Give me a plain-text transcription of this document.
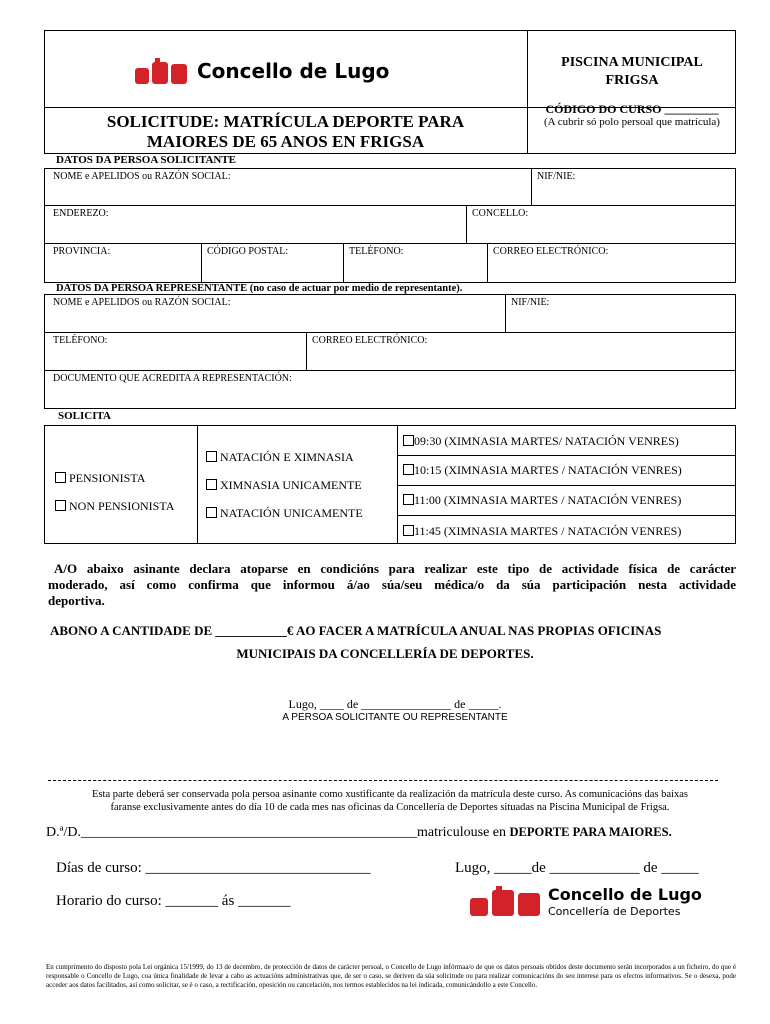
Concello de Lugo	PISCINA MUNICIPAL
FRIGSA
CÓDIGO DO CURSO _________
(A cubrir só polo persoal que matrícula)
SOLICITUDE: MATRÍCULA DEPORTE PARA
MAIORES DE 65 ANOS EN FRIGSA
DATOS DA PERSOA SOLICITANTE
NOME e APELIDOS ou RAZÓN SOCIAL:	NIF/NIE:
ENDEREZO:	CONCELLO:
PROVINCIA:	CÓDIGO POSTAL:	TELÉFONO:	CORREO ELECTRÓNICO:
DATOS DA PERSOA REPRESENTANTE (no caso de actuar por medio de representante).
NOME e APELIDOS ou RAZÓN SOCIAL:	NIF/NIE:
TELÉFONO:	CORREO ELECTRÓNICO:
DOCUMENTO QUE ACREDITA A REPRESENTACIÓN:
SOLICITA
PENSIONISTA
NON PENSIONISTA
NATACIÓN E XIMNASIA
XIMNASIA UNICAMENTE
NATACIÓN UNICAMENTE
09:30 (XIMNASIA MARTES/ NATACIÓN VENRES)
10:15 (XIMNASIA MARTES / NATACIÓN VENRES)
11:00 (XIMNASIA MARTES / NATACIÓN VENRES)
11:45 (XIMNASIA MARTES / NATACIÓN VENRES)
A/O abaixo asinante declara atoparse en condicións para realizar este tipo de actividade física de carácter
moderado, así como confirma que informou á/ao súa/seu médica/o da súa participación nesta actividade
deportiva.
ABONO A CANTIDADE DE ___________€ AO FACER A MATRÍCULA ANUAL NAS PROPIAS OFICINAS
MUNICIPAIS DA CONCELLERÍA DE DEPORTES.
Lugo, ____ de _______________ de _____.
A PERSOA SOLICITANTE OU REPRESENTANTE
Esta parte deberá ser conservada pola persoa asinante como xustificante da realización da matrícula deste curso. As comunicacións das baixas
faranse exclusivamente antes do día 10 de cada mes nas oficinas da Concellería de Deportes situadas na Piscina Municipal de Frigsa.
D.ª/D.________________________________________________matriculouse en DEPORTE PARA MAIORES.
Días de curso: ______________________________	Lugo, _____de ____________ de _____
Horario do curso: _______ ás _______	Concello de Lugo
Concellería de Deportes
En cumprimento do disposto pola Lei orgánica 15/1999, do 13 de decembro, de protección de datos de carácter persoal, o Concello de Lugo infórmaa/o de que os datos persoais obtidos deste documento serán incorporados a un ficheiro, do que é responsable o Concello de Lugo, coa única finalidade de levar a cabo as actuacións administrativas que, de ser o caso, se deriven da súa solicitude ou para realizar comunicacións do seu interese para os efectos informativos. Se o desexa, pode acceder aos datos facilitados, así como solicitar, se é o caso, a rectificación, oposición ou cancelación, nos termos establecidos na lei indicada, comunicándollo a este Concello.
